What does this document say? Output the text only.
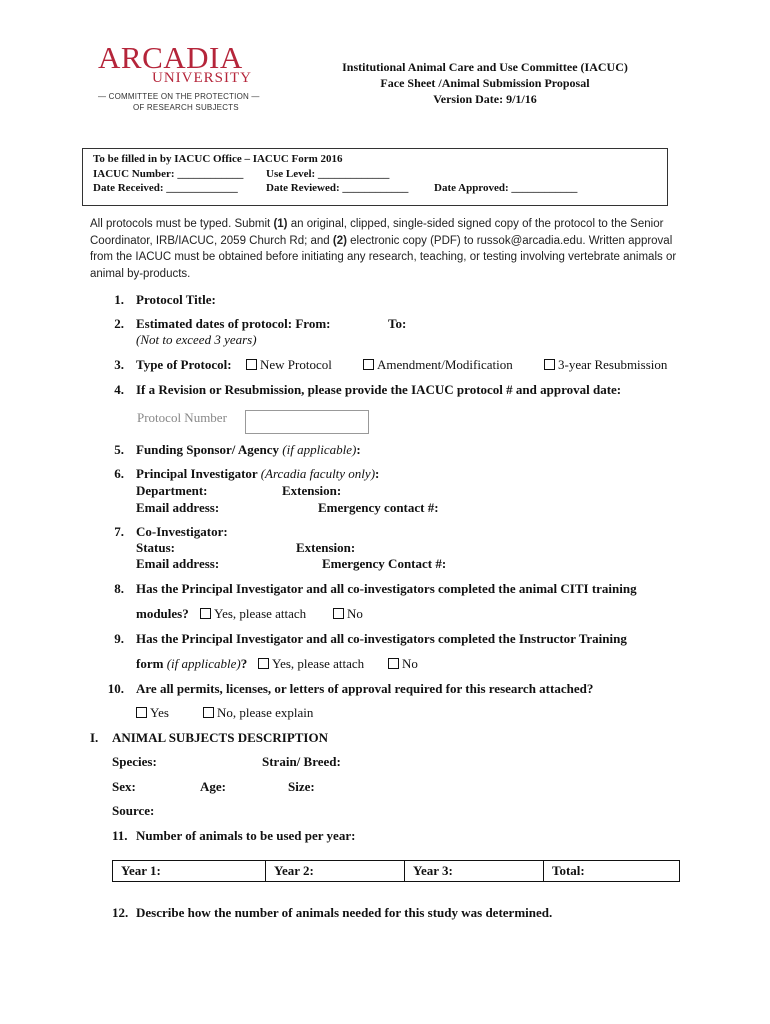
ARCADIA
UNIVERSITY
— COMMITTEE ON THE PROTECTION —
OF RESEARCH SUBJECTS
Institutional Animal Care and Use Committee (IACUC)
Face Sheet /Animal Submission Proposal
Version Date: 9/1/16
To be filled in by IACUC Office – IACUC Form 2016
IACUC Number: ____________ Use Level: _____________
Date Received: _____________	Date Reviewed: ____________ Date Approved: ____________
All protocols must be typed. Submit (1) an original, clipped, single-sided signed copy of the protocol to the Senior Coordinator, IRB/IACUC, 2059 Church Rd; and (2) electronic copy (PDF) to russok@arcadia.edu. Written approval from the IACUC must be obtained before initiating any research, teaching, or testing involving vertebrate animals or animal by-products.
1. Protocol Title:
2. Estimated dates of protocol: From:	To:
(Not to exceed 3 years)
3. Type of Protocol:	New Protocol	Amendment/Modification	3-year Resubmission
4. If a Revision or Resubmission, please provide the IACUC protocol # and approval date:
Protocol Number
5. Funding Sponsor/ Agency (if applicable):
6. Principal Investigator (Arcadia faculty only):
Department:	Extension:
Email address:	Emergency contact #:
7. Co-Investigator:
Status:	Extension:
Email address:	Emergency Contact #:
8. Has the Principal Investigator and all co-investigators completed the animal CITI training
modules?	Yes, please attach	No
9. Has the Principal Investigator and all co-investigators completed the Instructor Training
form (if applicable)?	Yes, please attach	No
10. Are all permits, licenses, or letters of approval required for this research attached?
Yes	No, please explain
I. ANIMAL SUBJECTS DESCRIPTION
Species:	Strain/ Breed:
Sex:	Age:	Size:
Source:
11. Number of animals to be used per year:
Year 1:	Year 2:	Year 3:	Total:
12. Describe how the number of animals needed for this study was determined.
